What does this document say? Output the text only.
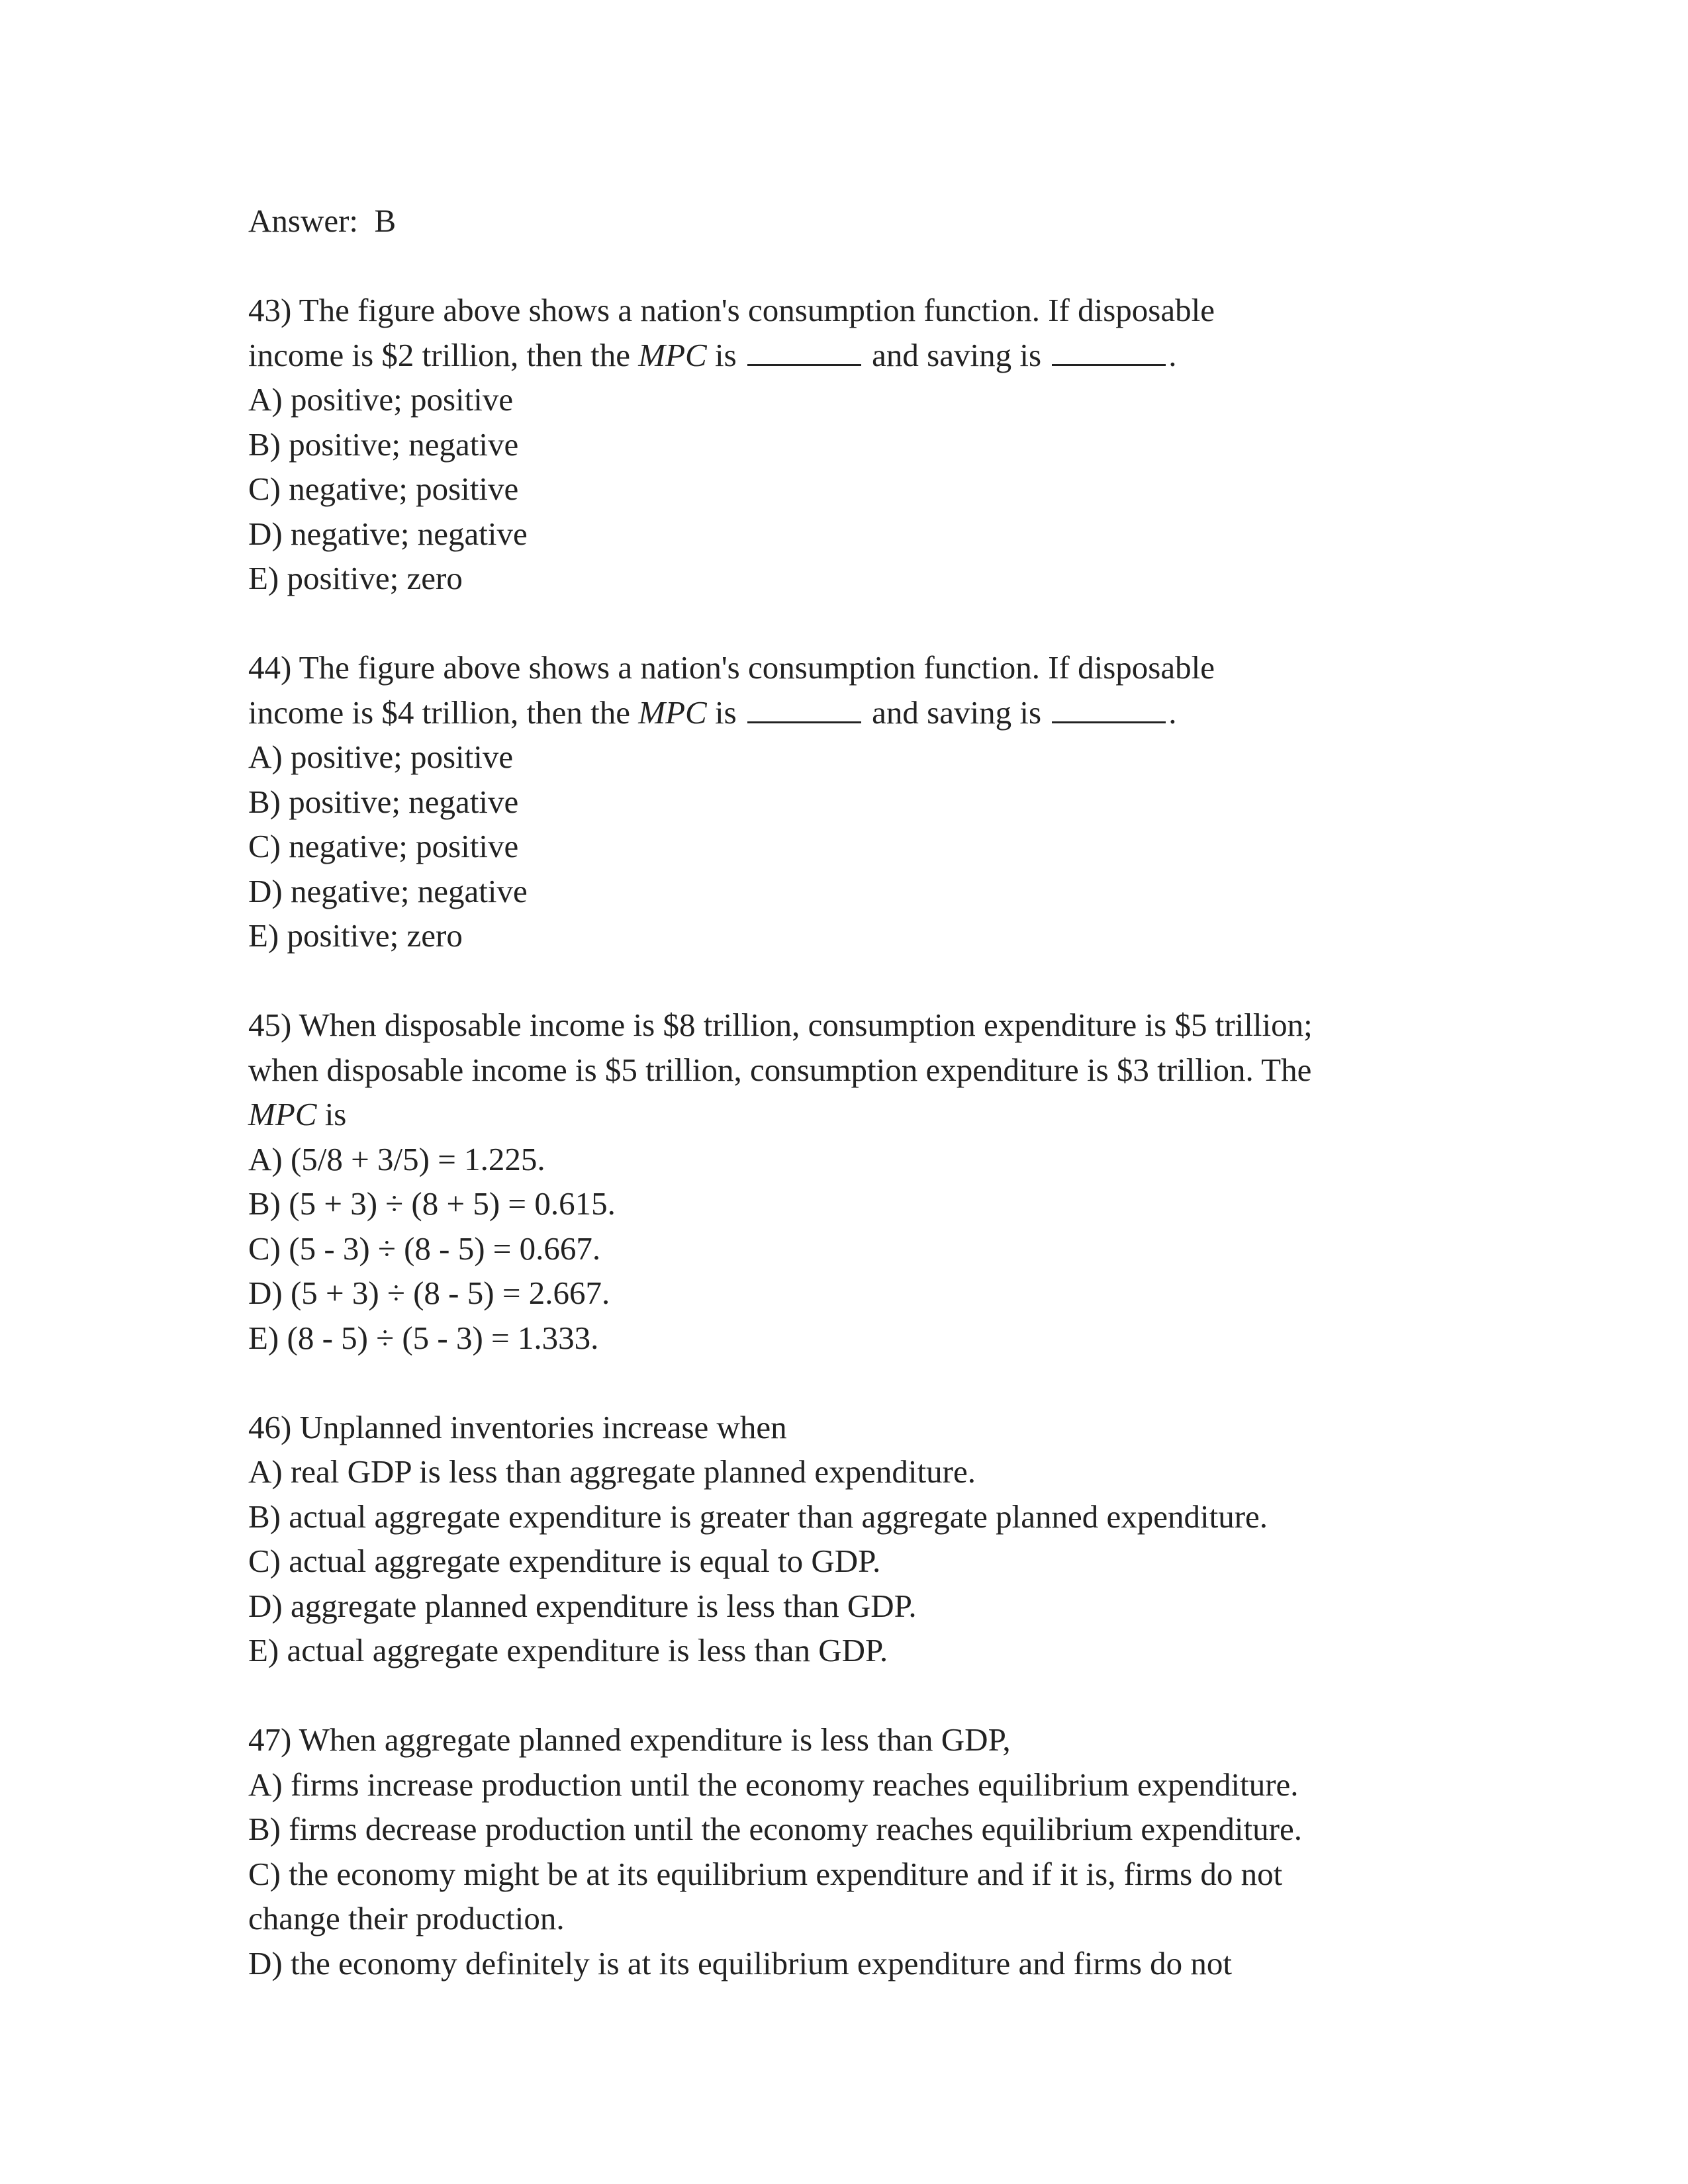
Answer:  B

43) The figure above shows a nation's consumption function. If disposable

income is $2 trillion, then the MPC is	and saving is	.

A) positive; positive

B) positive; negative

C) negative; positive

D) negative; negative

E) positive; zero

44) The figure above shows a nation's consumption function. If disposable

income is $4 trillion, then the MPC is	and saving is	.

A) positive; positive

B) positive; negative

C) negative; positive

D) negative; negative

E) positive; zero

45) When disposable income is $8 trillion, consumption expenditure is $5 trillion;

when disposable income is $5 trillion, consumption expenditure is $3 trillion. The

MPC is

A) (5/8 + 3/5) = 1.225.

B) (5 + 3) ÷ (8 + 5) = 0.615.

C) (5 - 3) ÷ (8 - 5) = 0.667.

D) (5 + 3) ÷ (8 - 5) = 2.667.

E) (8 - 5) ÷ (5 - 3) = 1.333.

46) Unplanned inventories increase when

A) real GDP is less than aggregate planned expenditure.

B) actual aggregate expenditure is greater than aggregate planned expenditure.

C) actual aggregate expenditure is equal to GDP.

D) aggregate planned expenditure is less than GDP.

E) actual aggregate expenditure is less than GDP.

47) When aggregate planned expenditure is less than GDP,

A) firms increase production until the economy reaches equilibrium expenditure.

B) firms decrease production until the economy reaches equilibrium expenditure.

C) the economy might be at its equilibrium expenditure and if it is, firms do not

change their production.

D) the economy definitely is at its equilibrium expenditure and firms do not
